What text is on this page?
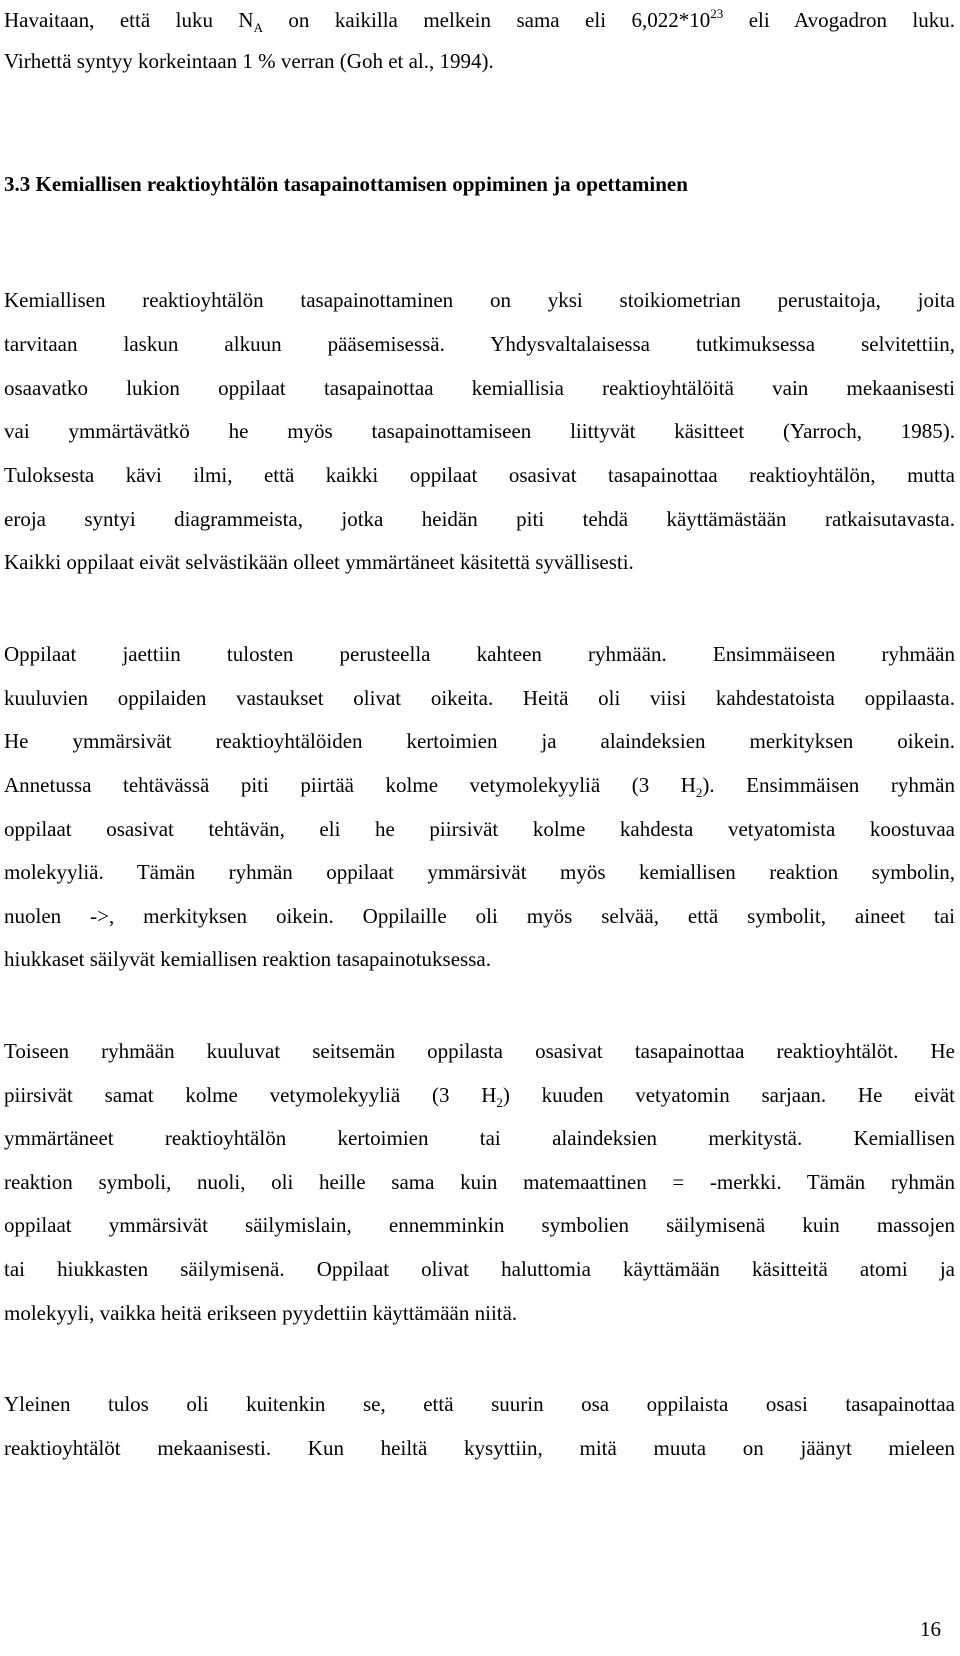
Havaitaan, että luku $N_A$ on kaikilla melkein sama eli $6,022*10^{23}$ eli Avogadron luku.
Virhettä syntyy korkeintaan 1 % verran (Goh et al., 1994).
3.3 Kemiallisen reaktioyhtälön tasapainottamisen oppiminen ja opettaminen
Kemiallisen reaktioyhtälön tasapainottaminen on yksi stoikiometrian perustaitoja, joita
tarvitaan laskun alkuun pääsemisessä. Yhdysvaltalaisessa tutkimuksessa selvitettiin,
osaavatko lukion oppilaat tasapainottaa kemiallisia reaktioyhtälöitä vain mekaanisesti
vai ymmärtävätkö he myös tasapainottamiseen liittyvät käsitteet (Yarroch, 1985).
Tuloksesta kävi ilmi, että kaikki oppilaat osasivat tasapainottaa reaktioyhtälön, mutta
eroja syntyi diagrammeista, jotka heidän piti tehdä käyttämästään ratkaisutavasta.
Kaikki oppilaat eivät selvästikään olleet ymmärtäneet käsitettä syvällisesti.
Oppilaat jaettiin tulosten perusteella kahteen ryhmään. Ensimmäiseen ryhmään
kuuluvien oppilaiden vastaukset olivat oikeita. Heitä oli viisi kahdestatoista oppilaasta.
He ymmärsivät reaktioyhtälöiden kertoimien ja alaindeksien merkityksen oikein.
Annetussa tehtävässä piti piirtää kolme vetymolekyyliä (3 $H_2$). Ensimmäisen ryhmän
oppilaat osasivat tehtävän, eli he piirsivät kolme kahdesta vetyatomista koostuvaa
molekyyliä. Tämän ryhmän oppilaat ymmärsivät myös kemiallisen reaktion symbolin,
nuolen ->, merkityksen oikein. Oppilaille oli myös selvää, että symbolit, aineet tai
hiukkaset säilyvät kemiallisen reaktion tasapainotuksessa.
Toiseen ryhmään kuuluvat seitsemän oppilasta osasivat tasapainottaa reaktioyhtälöt. He
piirsivät samat kolme vetymolekyyliä (3 $H_2$) kuuden vetyatomin sarjaan. He eivät
ymmärtäneet reaktioyhtälön kertoimien tai alaindeksien merkitystä. Kemiallisen
reaktion symboli, nuoli, oli heille sama kuin matemaattinen = -merkki. Tämän ryhmän
oppilaat ymmärsivät säilymislain, ennemminkin symbolien säilymisenä kuin massojen
tai hiukkasten säilymisenä. Oppilaat olivat haluttomia käyttämään käsitteitä atomi ja
molekyyli, vaikka heitä erikseen pyydettiin käyttämään niitä.
Yleinen tulos oli kuitenkin se, että suurin osa oppilaista osasi tasapainottaa
reaktioyhtälöt mekaanisesti. Kun heiltä kysyttiin, mitä muuta on jäänyt mieleen
16
